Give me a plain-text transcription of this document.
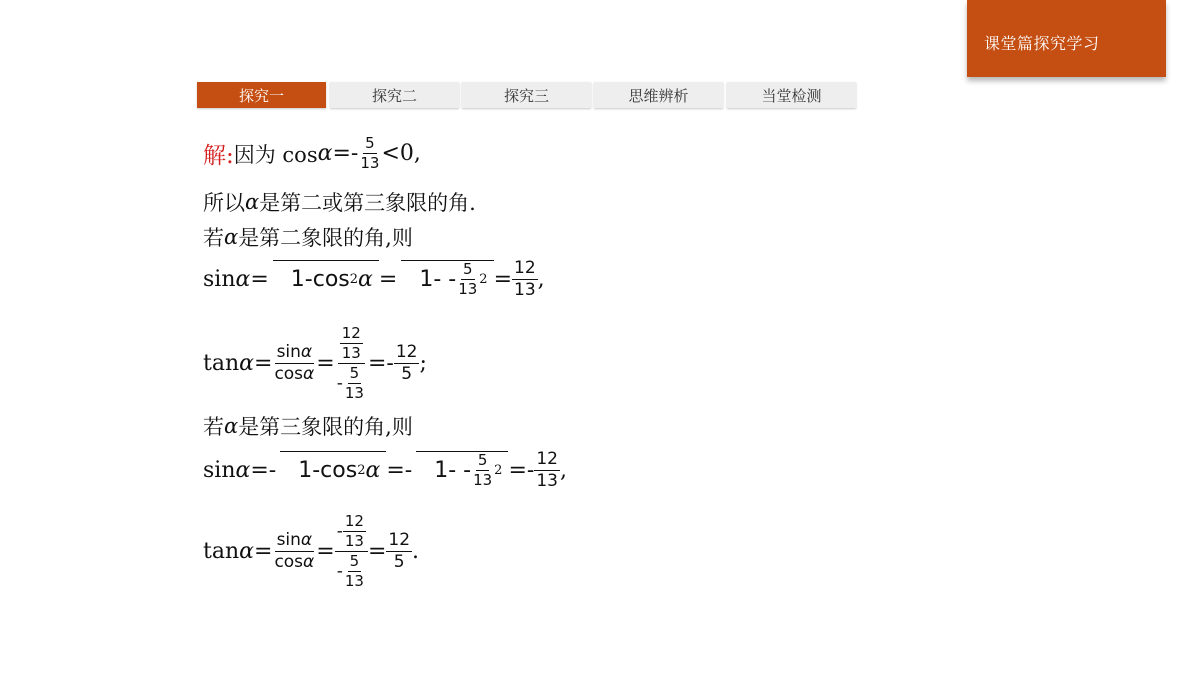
课堂篇探究学习
探究一	探究二	探究三	思维辨析	当堂检测
解: 因为 $\cos \alpha =- \frac{5}{13} <0$,
所以 α 是第二或第三象限的角.
若 α 是第二象限的角,则
sin α = 1-cos 2 $\alpha = 1- - \frac{5}{13} 2 = \frac{12}{13}$ ,
$\tan \alpha = \frac{\sin\alpha}{\cos\alpha} = \frac{\frac{12}{13}}{- \frac{5}{13}} =- \frac{12}{5}$ ;
若 α 是第三象限的角,则
sin α =- 1-cos 2 $\alpha =- 1- - \frac{5}{13} 2 =- \frac{12}{13}$ ,
$\tan \alpha = \frac{\sin\alpha}{\cos\alpha} = \frac{- \frac{12}{13}}{- \frac{5}{13}} = \frac{12}{5}$ .
